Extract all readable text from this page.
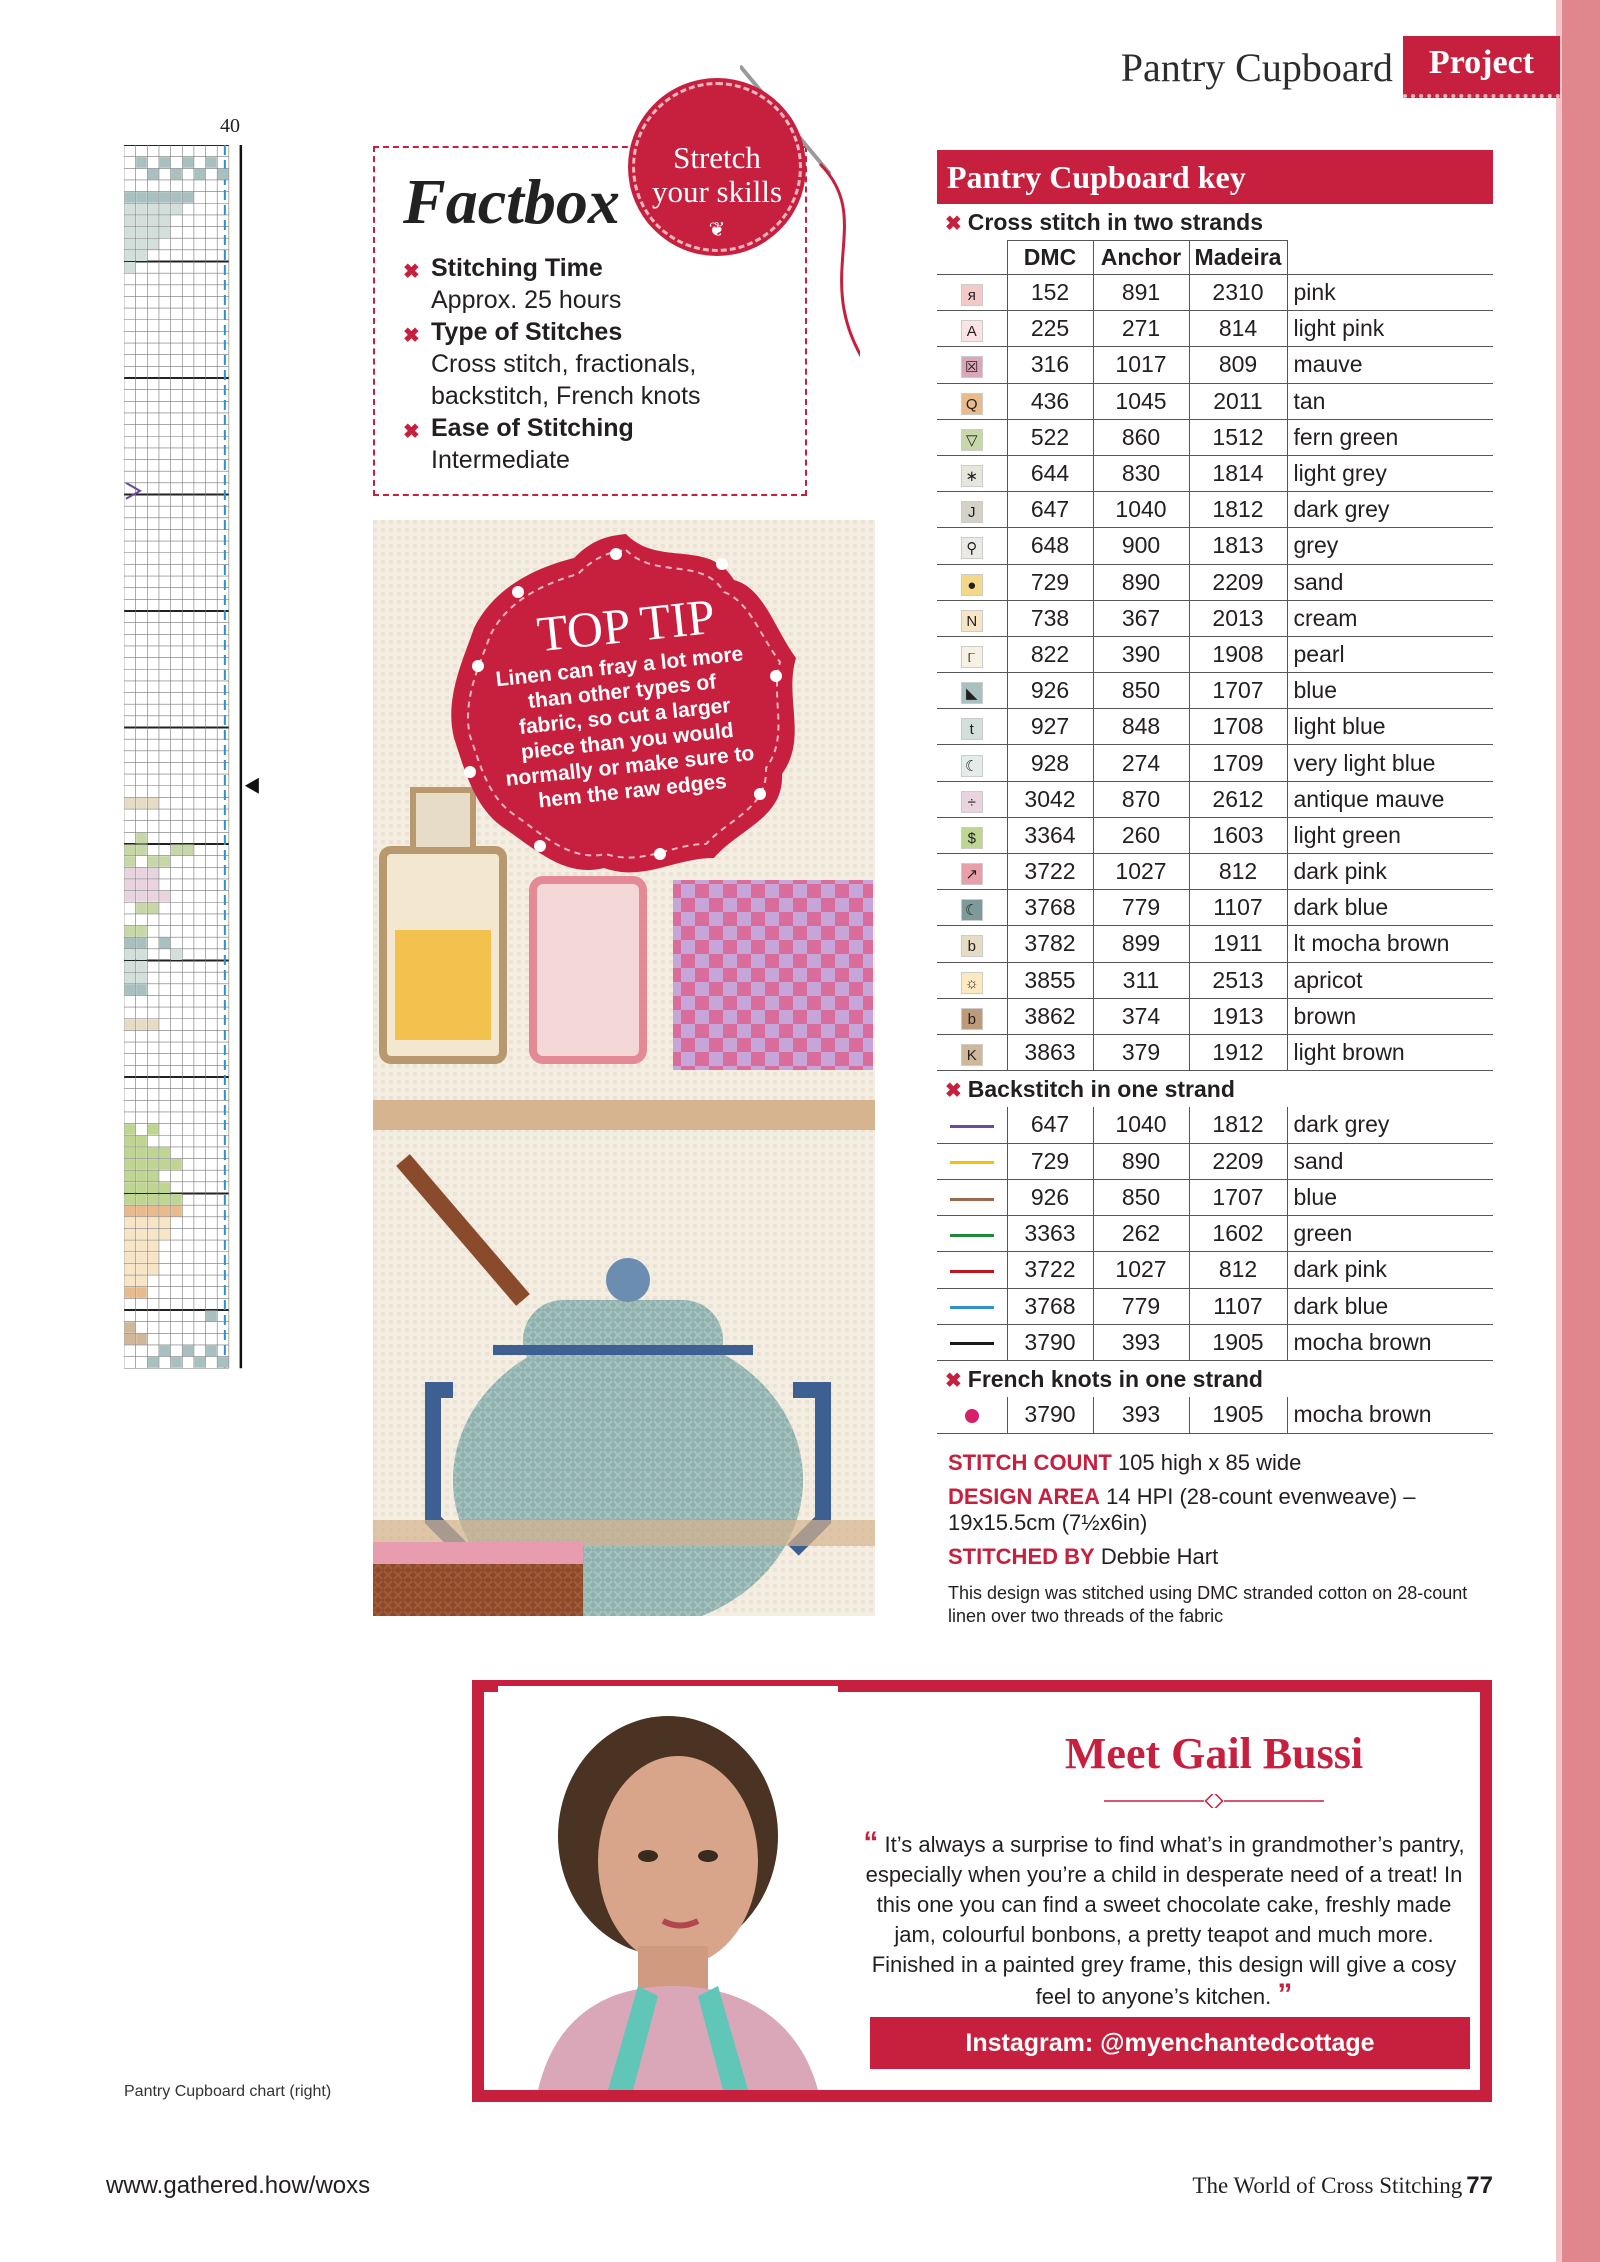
Pantry Cupboard	Project
40
Pantry Cupboard chart (right)
Factbox
✖ Stitching Time
Approx. 25 hours
✖ Type of Stitches
Cross stitch, fractionals, backstitch, French knots
✖ Ease of Stitching
Intermediate
Stretch
your skills
❦
TOP TIP
Linen can fray a lot more than other types of fabric, so cut a larger piece than you would normally or make sure to hem the raw edges
Pantry Cupboard key
✖ Cross stitch in two strands
	DMC	Anchor	Madeira	
я	152	891	2310	pink
A	225	271	814	light pink
☒	316	1017	809	mauve
Q	436	1045	2011	tan
▽	522	860	1512	fern green
∗	644	830	1814	light grey
J	647	1040	1812	dark grey
⚲	648	900	1813	grey
●	729	890	2209	sand
N	738	367	2013	cream
୮	822	390	1908	pearl
◣	926	850	1707	blue
t	927	848	1708	light blue
☾	928	274	1709	very light blue
÷	3042	870	2612	antique mauve
$	3364	260	1603	light green
↗	3722	1027	812	dark pink
☾	3768	779	1107	dark blue
b	3782	899	1911	lt mocha brown
☼	3855	311	2513	apricot
b	3862	374	1913	brown
K	3863	379	1912	light brown
✖ Backstitch in one strand
	647	1040	1812	dark grey
	729	890	2209	sand
	926	850	1707	blue
	3363	262	1602	green
	3722	1027	812	dark pink
	3768	779	1107	dark blue
	3790	393	1905	mocha brown
✖ French knots in one strand
	3790	393	1905	mocha brown

STITCH COUNT 105 high x 85 wide

DESIGN AREA 14 HPI (28-count evenweave) – 19x15.5cm (7½x6in)

STITCHED BY Debbie Hart

This design was stitched using DMC stranded cotton on 28-count linen over two threads of the fabric

Meet Gail Bussi
“ It’s always a surprise to find what’s in grandmother’s pantry, especially when you’re a child in desperate need of a treat! In this one you can find a sweet chocolate cake, freshly made jam, colourful bonbons, a pretty teapot and much more. Finished in a painted grey frame, this design will give a cosy feel to anyone’s kitchen. ”
Instagram: @myenchantedcottage
www.gathered.how/woxs	The World of Cross Stitching 77
